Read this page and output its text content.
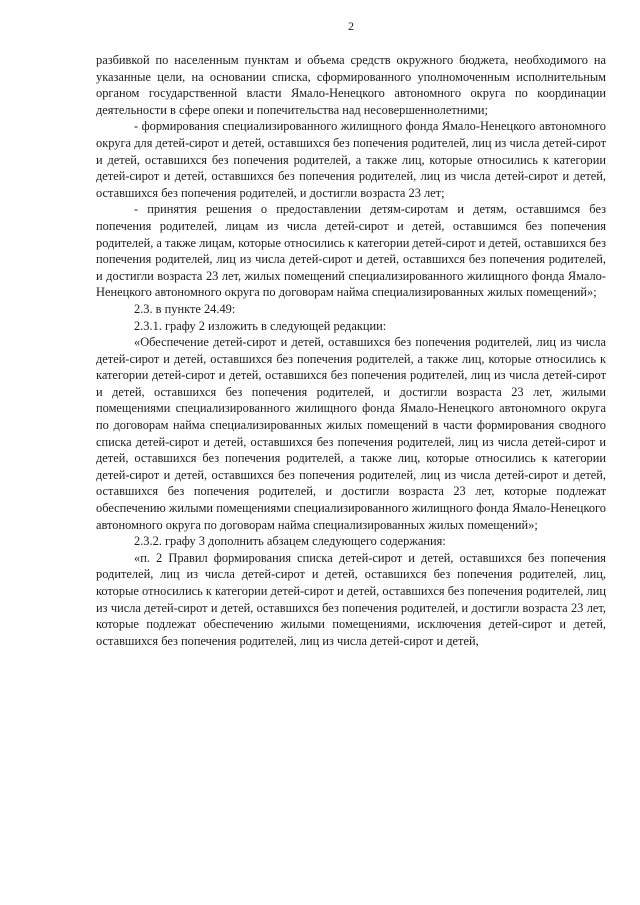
2

разбивкой по населенным пунктам и объема средств окружного бюджета, необходимого на указанные цели, на основании списка, сформированного уполномоченным исполнительным органом государственной власти Ямало-Ненецкого автономного округа по координации деятельности в сфере опеки и попечительства над несовершеннолетними;

- формирования специализированного жилищного фонда Ямало-Ненецкого автономного округа для детей-сирот и детей, оставшихся без попечения родителей, лиц из числа детей-сирот и детей, оставшихся без попечения родителей, а также лиц, которые относились к категории детей-сирот и детей, оставшихся без попечения родителей, лиц из числа детей-сирот и детей, оставшихся без попечения родителей, и достигли возраста 23 лет;

- принятия решения о предоставлении детям-сиротам и детям, оставшимся без попечения родителей, лицам из числа детей-сирот и детей, оставшимся без попечения родителей, а также лицам, которые относились к категории детей-сирот и детей, оставшихся без попечения родителей, лиц из числа детей-сирот и детей, оставшихся без попечения родителей, и достигли возраста 23 лет, жилых помещений специализированного жилищного фонда Ямало-Ненецкого автономного округа по договорам найма специализированных жилых помещений»;

2.3. в пункте 24.49:

2.3.1. графу 2 изложить в следующей редакции:

«Обеспечение детей-сирот и детей, оставшихся без попечения родителей, лиц из числа детей-сирот и детей, оставшихся без попечения родителей, а также лиц, которые относились к категории детей-сирот и детей, оставшихся без попечения родителей, лиц из числа детей-сирот и детей, оставшихся без попечения родителей, и достигли возраста 23 лет, жилыми помещениями специализированного жилищного фонда Ямало-Ненецкого автономного округа по договорам найма специализированных жилых помещений в части формирования сводного списка детей-сирот и детей, оставшихся без попечения родителей, лиц из числа детей-сирот и детей, оставшихся без попечения родителей, а также лиц, которые относились к категории детей-сирот и детей, оставшихся без попечения родителей, лиц из числа детей-сирот и детей, оставшихся без попечения родителей, и достигли возраста 23 лет, которые подлежат обеспечению жилыми помещениями специализированного жилищного фонда Ямало-Ненецкого автономного округа по договорам найма специализированных жилых помещений»;

2.3.2. графу 3 дополнить абзацем следующего содержания:

«п. 2 Правил формирования списка детей-сирот и детей, оставшихся без попечения родителей, лиц из числа детей-сирот и детей, оставшихся без попечения родителей, лиц, которые относились к категории детей-сирот и детей, оставшихся без попечения родителей, лиц из числа детей-сирот и детей, оставшихся без попечения родителей, и достигли возраста 23 лет, которые подлежат обеспечению жилыми помещениями, исключения детей-сирот и детей, оставшихся без попечения родителей, лиц из числа детей-сирот и детей,
